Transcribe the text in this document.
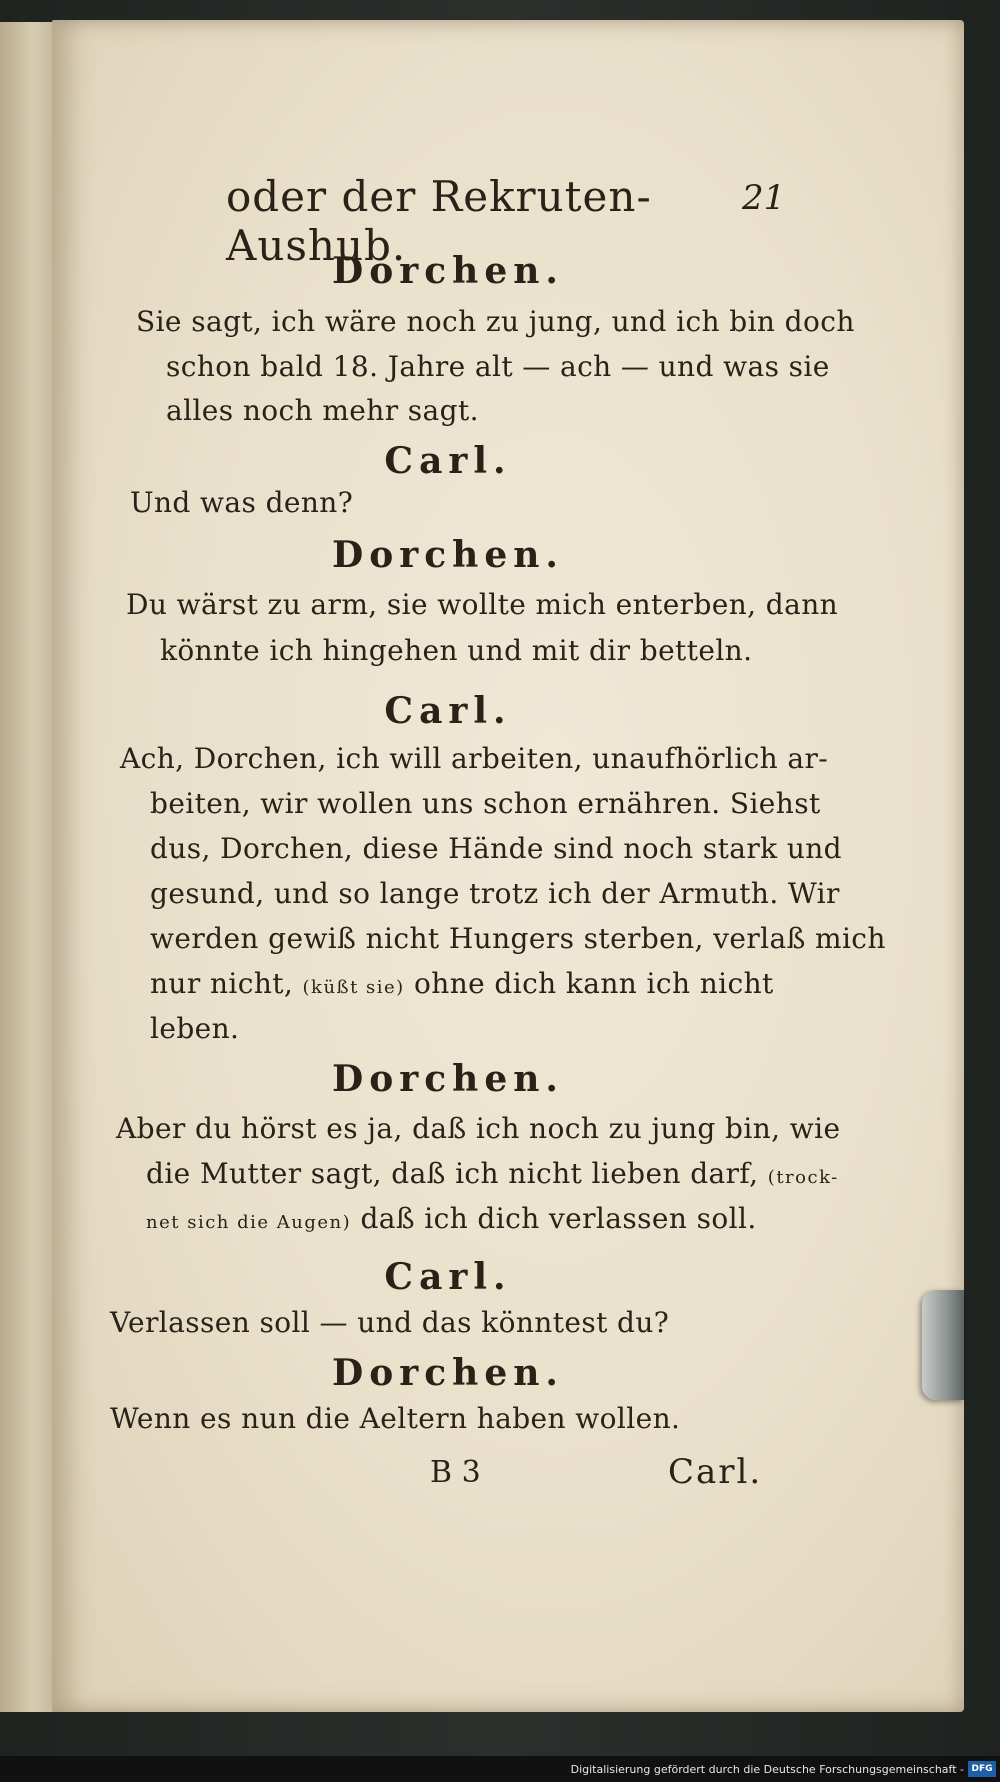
oder der Rekruten-Aushub.
21
Dorchen.
Sie sagt, ich wäre noch zu jung, und ich bin doch
schon bald 18. Jahre alt — ach — und was sie
alles noch mehr sagt.
Carl.
Und was denn?
Dorchen.
Du wärst zu arm, sie wollte mich enterben, dann
könnte ich hingehen und mit dir betteln.
Carl.
Ach, Dorchen, ich will arbeiten, unaufhörlich ar-
beiten, wir wollen uns schon ernähren. Siehst
dus, Dorchen, diese Hände sind noch stark und
gesund, und so lange trotz ich der Armuth. Wir
werden gewiß nicht Hungers sterben, verlaß mich
nur nicht, (küßt sie) ohne dich kann ich nicht
leben.
Dorchen.
Aber du hörst es ja, daß ich noch zu jung bin, wie
die Mutter sagt, daß ich nicht lieben darf, (trock-
net sich die Augen) daß ich dich verlassen soll.
Carl.
Verlassen soll — und das könntest du?
Dorchen.
Wenn es nun die Aeltern haben wollen.
B 3	Carl.
Digitalisierung gefördert durch die Deutsche Forschungsgemeinschaft - DFG
